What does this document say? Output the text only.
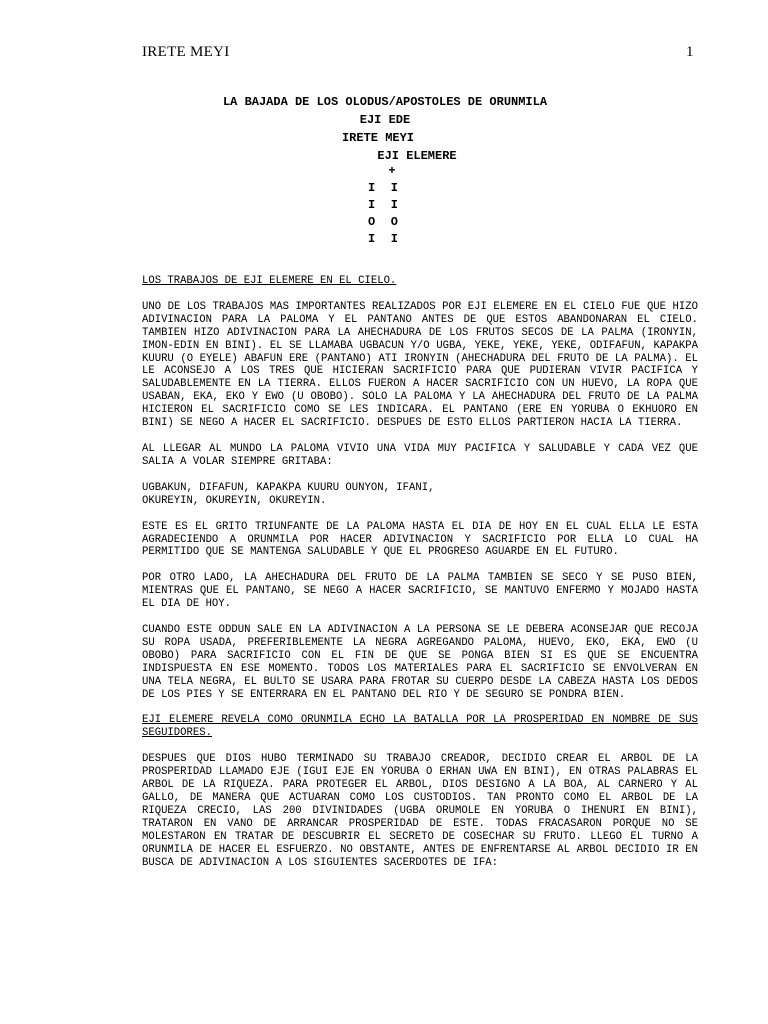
IRETE MEYI	1
LA BAJADA DE LOS OLODUS/APOSTOLES DE ORUNMILA
EJI EDE
IRETE MEYI
EJI ELEMERE
+
I I
I I
O O
I I

LOS TRABAJOS DE EJI ELEMERE EN EL CIELO.

UNO DE LOS TRABAJOS MAS IMPORTANTES REALIZADOS POR EJI ELEMERE EN EL CIELO FUE QUE HIZO ADIVINACION PARA LA PALOMA Y EL PANTANO ANTES DE QUE ESTOS ABANDONARAN EL CIELO. TAMBIEN HIZO ADIVINACION PARA LA AHECHADURA DE LOS FRUTOS SECOS DE LA PALMA (IRONYIN, IMON-EDIN EN BINI). EL SE LLAMABA UGBACUN Y/O UGBA, YEKE, YEKE, YEKE, ODIFAFUN, KAPAKPA KUURU (O EYELE) ABAFUN ERE (PANTANO) ATI IRONYIN (AHECHADURA DEL FRUTO DE LA PALMA). EL LE ACONSEJO A LOS TRES QUE HICIERAN SACRIFICIO PARA QUE PUDIERAN VIVIR PACIFICA Y SALUDABLEMENTE EN LA TIERRA. ELLOS FUERON A HACER SACRIFICIO CON UN HUEVO, LA ROPA QUE USABAN, EKA, EKO Y EWO (U OBOBO). SOLO LA PALOMA Y LA AHECHADURA DEL FRUTO DE LA PALMA HICIERON EL SACRIFICIO COMO SE LES INDICARA. EL PANTANO (ERE EN YORUBA O EKHUORO EN BINI) SE NEGO A HACER EL SACRIFICIO. DESPUES DE ESTO ELLOS PARTIERON HACIA LA TIERRA.

AL LLEGAR AL MUNDO LA PALOMA VIVIO UNA VIDA MUY PACIFICA Y SALUDABLE Y CADA VEZ QUE SALIA A VOLAR SIEMPRE GRITABA:

UGBAKUN, DIFAFUN, KAPAKPA KUURU OUNYON, IFANI,

OKUREYIN, OKUREYIN, OKUREYIN.

ESTE ES EL GRITO TRIUNFANTE DE LA PALOMA HASTA EL DIA DE HOY EN EL CUAL ELLA LE ESTA AGRADECIENDO A ORUNMILA POR HACER ADIVINACION Y SACRIFICIO POR ELLA LO CUAL HA PERMITIDO QUE SE MANTENGA SALUDABLE Y QUE EL PROGRESO AGUARDE EN EL FUTURO.

POR OTRO LADO, LA AHECHADURA DEL FRUTO DE LA PALMA TAMBIEN SE SECO Y SE PUSO BIEN, MIENTRAS QUE EL PANTANO, SE NEGO A HACER SACRIFICIO, SE MANTUVO ENFERMO Y MOJADO HASTA EL DIA DE HOY.

CUANDO ESTE ODDUN SALE EN LA ADIVINACION A LA PERSONA SE LE DEBERA ACONSEJAR QUE RECOJA SU ROPA USADA, PREFERIBLEMENTE LA NEGRA AGREGANDO PALOMA, HUEVO, EKO, EKA, EWO (U OBOBO) PARA SACRIFICIO CON EL FIN DE QUE SE PONGA BIEN SI ES QUE SE ENCUENTRA INDISPUESTA EN ESE MOMENTO. TODOS LOS MATERIALES PARA EL SACRIFICIO SE ENVOLVERAN EN UNA TELA NEGRA, EL BULTO SE USARA PARA FROTAR SU CUERPO DESDE LA CABEZA HASTA LOS DEDOS DE LOS PIES Y SE ENTERRARA EN EL PANTANO DEL RIO Y DE SEGURO SE PONDRA BIEN.

EJI ELEMERE REVELA COMO ORUNMILA ECHO LA BATALLA POR LA PROSPERIDAD EN NOMBRE DE SUS SEGUIDORES.

DESPUES QUE DIOS HUBO TERMINADO SU TRABAJO CREADOR, DECIDIO CREAR EL ARBOL DE LA PROSPERIDAD LLAMADO EJE (IGUI EJE EN YORUBA O ERHAN UWA EN BINI), EN OTRAS PALABRAS EL ARBOL DE LA RIQUEZA. PARA PROTEGER EL ARBOL, DIOS DESIGNO A LA BOA, AL CARNERO Y AL GALLO, DE MANERA QUE ACTUARAN COMO LOS CUSTODIOS. TAN PRONTO COMO EL ARBOL DE LA RIQUEZA CRECIO, LAS 200 DIVINIDADES (UGBA ORUMOLE EN YORUBA O IHENURI EN BINI), TRATARON EN VANO DE ARRANCAR PROSPERIDAD DE ESTE. TODAS FRACASARON PORQUE NO SE MOLESTARON EN TRATAR DE DESCUBRIR EL SECRETO DE COSECHAR SU FRUTO. LLEGO EL TURNO A ORUNMILA DE HACER EL ESFUERZO. NO OBSTANTE, ANTES DE ENFRENTARSE AL ARBOL DECIDIO IR EN BUSCA DE ADIVINACION A LOS SIGUIENTES SACERDOTES DE IFA:
